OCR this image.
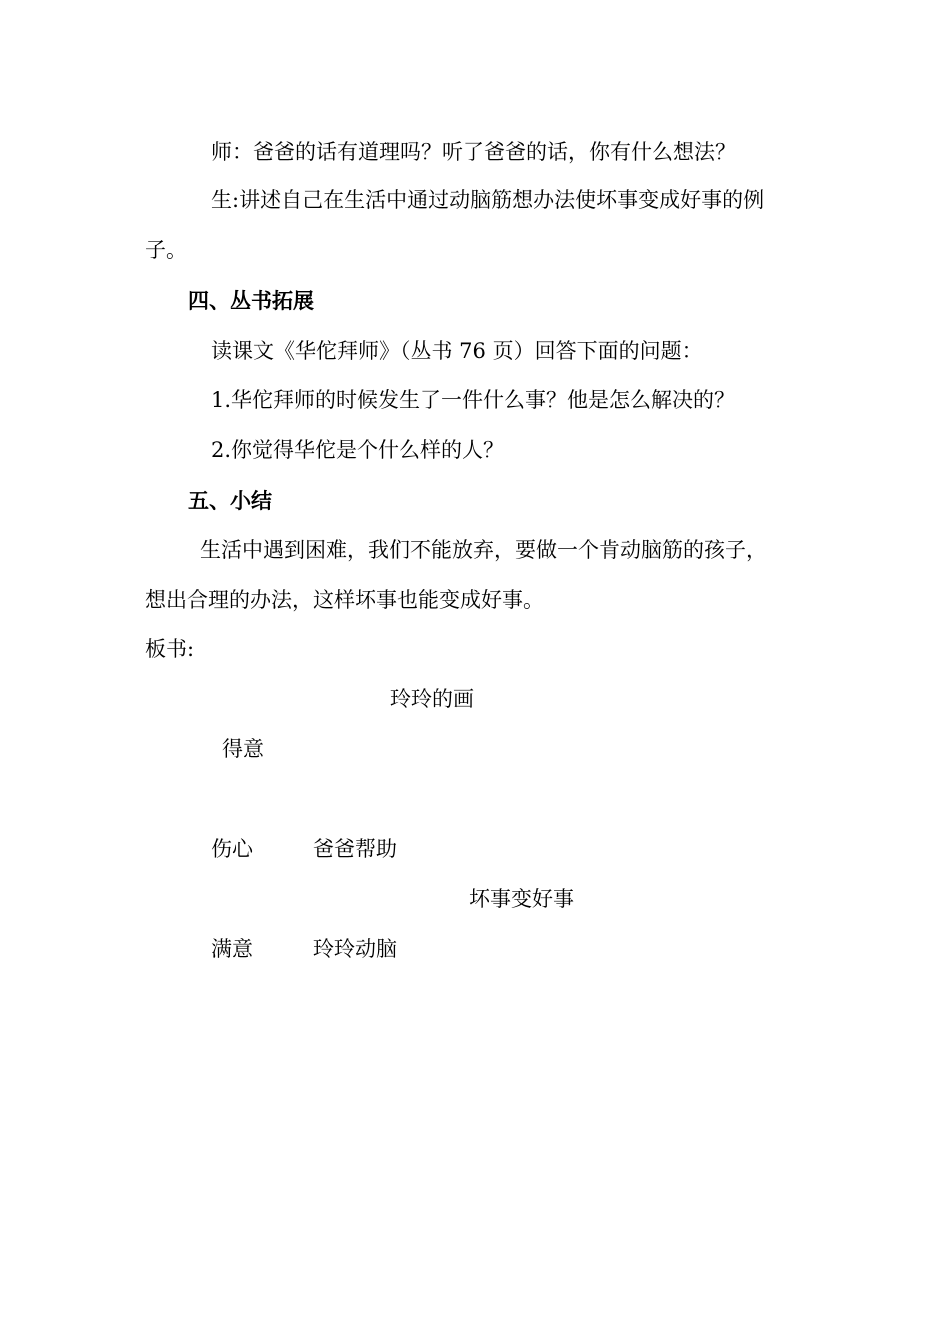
师：爸爸的话有道理吗？听了爸爸的话，你有什么想法？

生:讲述自己在生活中通过动脑筋想办法使坏事变成好事的例

子。

四、丛书拓展

读课文《华佗拜师》（丛书 76 页）回答下面的问题：

1.华佗拜师的时候发生了一件什么事？他是怎么解决的？

2.你觉得华佗是个什么样的人？

五、小结

生活中遇到困难，我们不能放弃，要做一个肯动脑筋的孩子，

想出合理的办法，这样坏事也能变成好事。

板书:

玲玲的画

得意

伤心	爸爸帮助

坏事变好事

满意	玲玲动脑
